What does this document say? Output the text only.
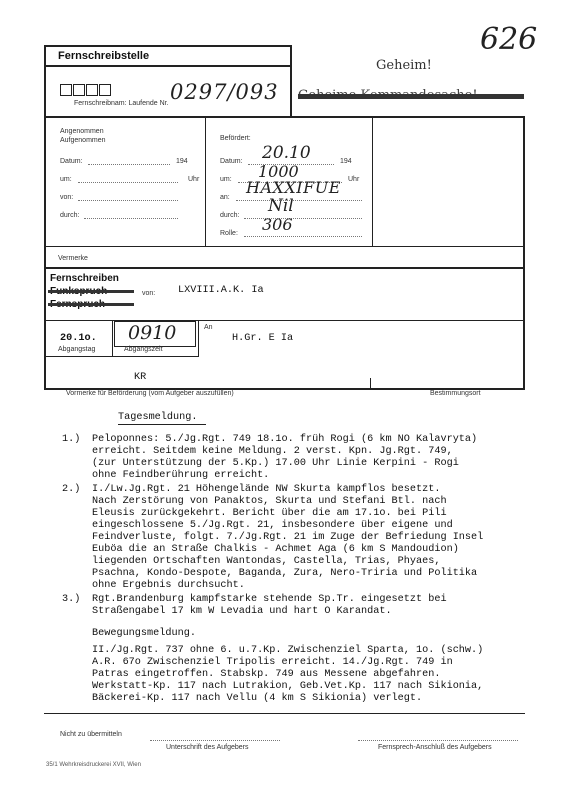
Fernschreibstelle
Fernschreibnam: Laufende Nr. 0297/093
Geheim!
626
Angenommen
Aufgenommen
Datum:	194
um:	Uhr
von:
durch:
Befördert:
Datum: 20.10	194
um: 1000	Uhr
an:
HAXXIFUE
durch: Nil
Rolle: 306
Vermerke
Fernschreiben
von: LXVIII.A.K. Ia
20.1o.
Abgangstag
0910
Abgangszeit
An
H.Gr. E Ia
KR
Vormerke für Beförderung (vom Aufgeber auszufüllen)	Bestimmungsort
Tagesmeldung.
1.) Peloponnes: 5./Jg.Rgt. 749 18.1o. früh Rogi (6 km NO Kalavryta)
erreicht. Seitdem keine Meldung. 2 verst. Kpn. Jg.Rgt. 749,
(zur Unterstützung der 5.Kp.) 17.00 Uhr Linie Kerpini - Rogi
ohne Feindberührung erreicht.
2.) I./Lw.Jg.Rgt. 21 Höhengelände NW Skurta kampflos besetzt.
Nach Zerstörung von Panaktos, Skurta und Stefani Btl. nach
Eleusis zurückgekehrt. Bericht über die am 17.1o. bei Pili
eingeschlossene 5./Jg.Rgt. 21, insbesondere über eigene und
Feindverluste, folgt. 7./Jg.Rgt. 21 im Zuge der Befriedung Insel
Euböa die an Straße Chalkis - Achmet Aga (6 km S Mandoudion)
liegenden Ortschaften Wantondas, Castella, Trias, Phyaes,
Psachna, Kondo-Despote, Baganda, Zura, Nero-Triria und Politika
ohne Ergebnis durchsucht.
3.) Rgt.Brandenburg kampfstarke stehende Sp.Tr. eingesetzt bei
Straßengabel 17 km W Levadia und hart O Karandat.
Bewegungsmeldung.
II./Jg.Rgt. 737 ohne 6. u.7.Kp. Zwischenziel Sparta, 1o. (schw.)
A.R. 67o Zwischenziel Tripolis erreicht. 14./Jg.Rgt. 749 in
Patras eingetroffen. Stabskp. 749 aus Messene abgefahren.
Werkstatt-Kp. 117 nach Lutrakion, Geb.Vet.Kp. 117 nach Sikionia,
Bäckerei-Kp. 117 nach Vellu (4 km S Sikionia) verlegt.
Nicht zu übermitteln
Unterschrift des Aufgebers	Fernsprech-Anschluß des Aufgebers
35/1 Wehrkreisdruckerei XVII, Wien
